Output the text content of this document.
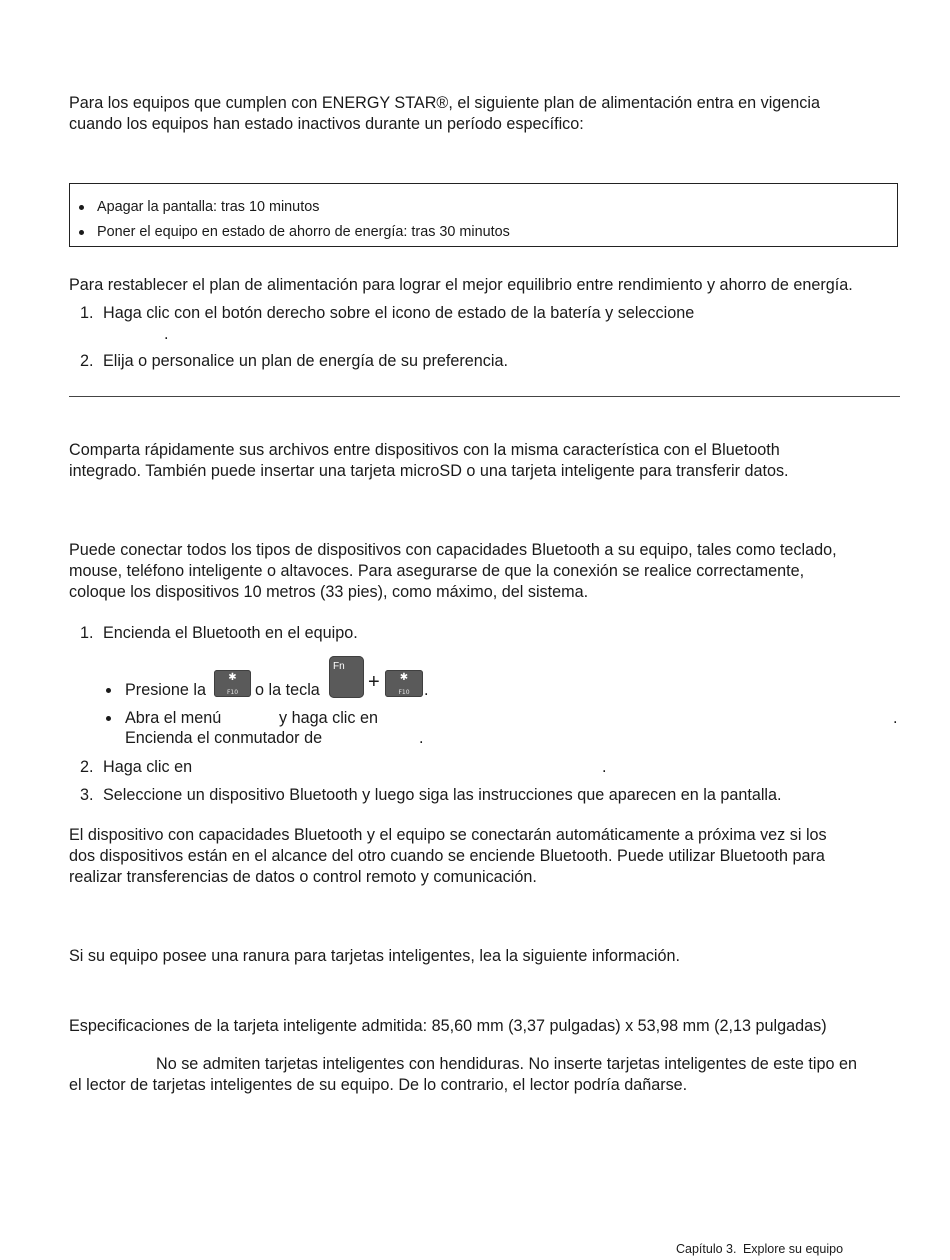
Para los equipos que cumplen con ENERGY STAR®, el siguiente plan de alimentación entra en vigencia

cuando los equipos han estado inactivos durante un período específico:

Apagar la pantalla: tras 10 minutos
Poner el equipo en estado de ahorro de energía: tras 30 minutos

Para restablecer el plan de alimentación para lograr el mejor equilibrio entre rendimiento y ahorro de energía.

1. Haga clic con el botón derecho sobre el icono de estado de la batería y seleccione

.
2. Elija o personalice un plan de energía de su preferencia.

Comparta rápidamente sus archivos entre dispositivos con la misma característica con el Bluetooth

integrado. También puede insertar una tarjeta microSD o una tarjeta inteligente para transferir datos.

Puede conectar todos los tipos de dispositivos con capacidades Bluetooth a su equipo, tales como teclado,

mouse, teléfono inteligente o altavoces. Para asegurarse de que la conexión se realice correctamente,

coloque los dispositivos 10 metros (33 pies), como máximo, del sistema.

1. Encienda el Bluetooth en el equipo.

Presione la
✱
F10	o la tecla
Fn
+	✱
F10 .
Abra el menú	y haga clic en	.
Encienda el conmutador de	.
2. Haga clic en	.
3. Seleccione un dispositivo Bluetooth y luego siga las instrucciones que aparecen en la pantalla.

El dispositivo con capacidades Bluetooth y el equipo se conectarán automáticamente a próxima vez si los

dos dispositivos están en el alcance del otro cuando se enciende Bluetooth. Puede utilizar Bluetooth para

realizar transferencias de datos o control remoto y comunicación.

Si su equipo posee una ranura para tarjetas inteligentes, lea la siguiente información.

Especificaciones de la tarjeta inteligente admitida: 85,60 mm (3,37 pulgadas) x 53,98 mm (2,13 pulgadas)

No se admiten tarjetas inteligentes con hendiduras. No inserte tarjetas inteligentes de este tipo en

el lector de tarjetas inteligentes de su equipo. De lo contrario, el lector podría dañarse.

Capítulo 3. Explore su equipo
